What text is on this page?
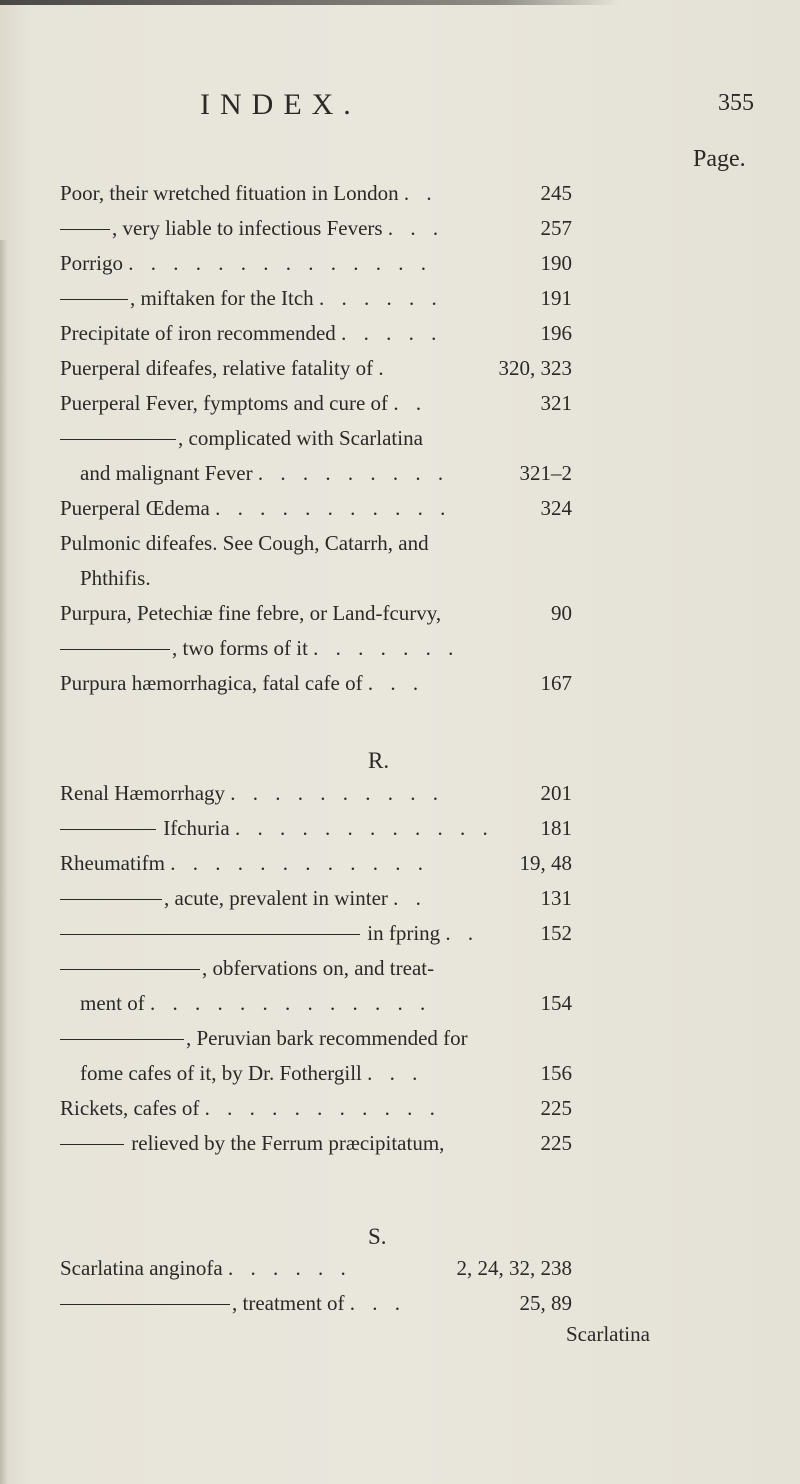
INDEX.	355
Page.
R.
S.
Poor, their wretched fituation in London . .	245
, very liable to infectious Fevers . . .	257
Porrigo . . . . . . . . . . . . . .	190
, miftaken for the Itch . . . . . .	191
Precipitate of iron recommended . . . . .	196
Puerperal difeafes, relative fatality of .	320, 323
Puerperal Fever, fymptoms and cure of . .	321
, complicated with Scarlatina
and malignant Fever . . . . . . . . .	321–2
Puerperal Œdema . . . . . . . . . . .	324
Pulmonic difeafes. See Cough, Catarrh, and
Phthifis.
Purpura, Petechiæ fine febre, or Land-fcurvy,	90
, two forms of it . . . . . . .
Purpura hæmorrhagica, fatal cafe of . . .	167
Renal Hæmorrhagy . . . . . . . . . .	201
Ifchuria . . . . . . . . . . . . 181
Rheumatifm . . . . . . . . . . . .	19, 48
, acute, prevalent in winter . .	131
in fpring . .	152
, obfervations on, and treat-
ment of . . . . . . . . . . . . .	154
, Peruvian bark recommended for
fome cafes of it, by Dr. Fothergill . . .	156
Rickets, cafes of . . . . . . . . . . .	225
relieved by the Ferrum præcipitatum,	225
Scarlatina anginofa . . . . . .	2, 24, 32, 238
, treatment of . . .	25, 89
Scarlatina
